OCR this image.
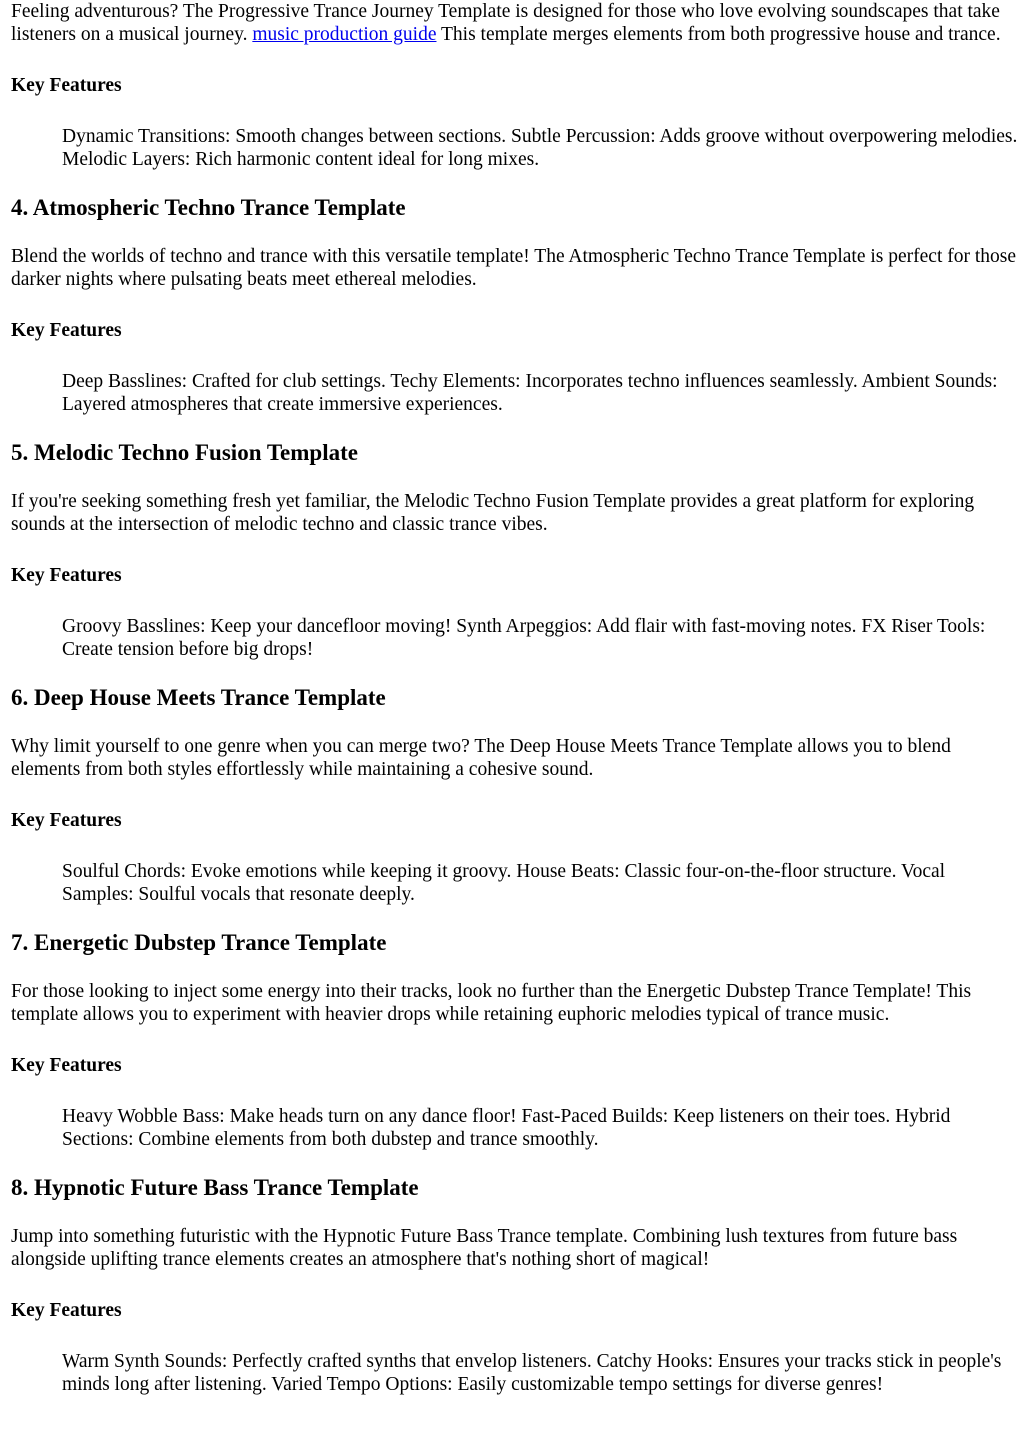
Feeling adventurous? The Progressive Trance Journey Template is designed for those who love evolving soundscapes that take listeners on a musical journey. music production guide This template merges elements from both progressive house and trance.

Key Features

Dynamic Transitions: Smooth changes between sections. Subtle Percussion: Adds groove without overpowering melodies. Melodic Layers: Rich harmonic content ideal for long mixes.

4. Atmospheric Techno Trance Template

Blend the worlds of techno and trance with this versatile template! The Atmospheric Techno Trance Template is perfect for those darker nights where pulsating beats meet ethereal melodies.

Key Features

Deep Basslines: Crafted for club settings. Techy Elements: Incorporates techno influences seamlessly. Ambient Sounds: Layered atmospheres that create immersive experiences.

5. Melodic Techno Fusion Template

If you're seeking something fresh yet familiar, the Melodic Techno Fusion Template provides a great platform for exploring sounds at the intersection of melodic techno and classic trance vibes.

Key Features

Groovy Basslines: Keep your dancefloor moving! Synth Arpeggios: Add flair with fast-moving notes. FX Riser Tools: Create tension before big drops!

6. Deep House Meets Trance Template

Why limit yourself to one genre when you can merge two? The Deep House Meets Trance Template allows you to blend elements from both styles effortlessly while maintaining a cohesive sound.

Key Features

Soulful Chords: Evoke emotions while keeping it groovy. House Beats: Classic four-on-the-floor structure. Vocal Samples: Soulful vocals that resonate deeply.

7. Energetic Dubstep Trance Template

For those looking to inject some energy into their tracks, look no further than the Energetic Dubstep Trance Template! This template allows you to experiment with heavier drops while retaining euphoric melodies typical of trance music.

Key Features

Heavy Wobble Bass: Make heads turn on any dance floor! Fast-Paced Builds: Keep listeners on their toes. Hybrid Sections: Combine elements from both dubstep and trance smoothly.

8. Hypnotic Future Bass Trance Template

Jump into something futuristic with the Hypnotic Future Bass Trance template. Combining lush textures from future bass alongside uplifting trance elements creates an atmosphere that's nothing short of magical!

Key Features

Warm Synth Sounds: Perfectly crafted synths that envelop listeners. Catchy Hooks: Ensures your tracks stick in people's minds long after listening. Varied Tempo Options: Easily customizable tempo settings for diverse genres!
